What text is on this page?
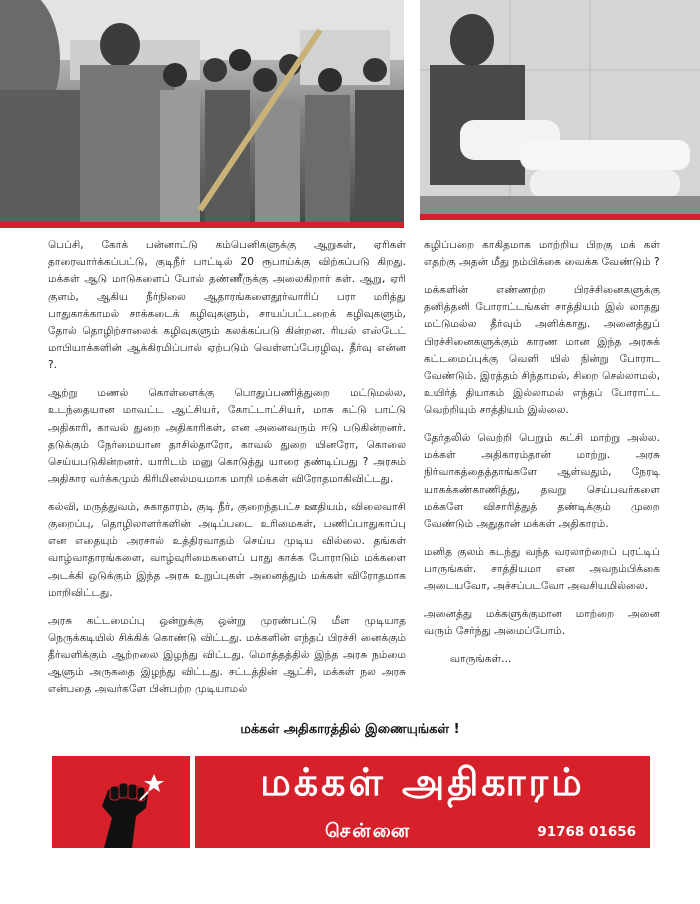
பெப்சி, கோக் பன்னாட்டு கம்பெனிகளுக்கு ஆறுகள், ஏரிகள் தாரைவார்க்கப்பட்டு, குடிநீர் பாட்டில் 20 ரூபாய்க்கு விற்கப்படு கிறது. மக்கள் ஆடு மாடுகளைப் போல் தண்ணீருக்கு அலைகிறார் கள். ஆறு, ஏரி குளம், ஆகிய நீர்நிலை ஆதாரங்களைதூர்வாரிப் பரா மரித்து பாதுகாக்காமல் சாக்கடைக் கழிவுகளும், சாயப்பட்டறைக் கழிவுகளும், தோல் தொழிற்சாலைக் கழிவுகளும் கலக்கப்படு கின்றன. ரியல் எஸ்டேட் மாபியாக்களின் ஆக்கிரமிப்பால் ஏற்படும் வெள்ளப்பேரழிவு. தீர்வு என்ன ?.

ஆற்று மணல் கொள்ளைக்கு பொதுப்பணித்துறை மட்டுமல்ல, உடந்தையான மாவட்ட ஆட்சியர், கோட்டாட்சியர், மாசு கட்டு பாட்டு அதிகாரி, காவல் துறை அதிகாரிகள், என அனைவரும் ஈடு படுகின்றனர். தடுக்கும் நேர்மையான தாசில்தாரோ, காவல் துறை யினரோ, கொலை செய்யபடுகின்றனர். யாரிடம் மனு கொடுத்து யாரை தண்டிப்பது ? அரசும் அதிகார வர்க்கமும் கிரிமினல்மயமாக மாறி மக்கள் விரோதமாகிவிட்டது.

கல்வி, மருத்துவம், சுகாதாரம், குடி நீர், குறைந்தபட்ச ஊதியம், விலைவாசி குறைப்பு, தொழிலாளர்களின் அடிப்படை உரிமைகள், பணிப்பாதுகாப்பு என எதையும் அரசால் உத்திரவாதம் செய்ய முடிய வில்லை. தங்கள் வாழ்வாதாரங்களை, வாழ்வுரிமைகளைப் பாது காக்க போராடும் மக்களை அடக்கி ஒடுக்கும் இந்த அரசு உறுப்புகள் அனைத்தும் மக்கள் விரோதமாக மாறிவிட்டது.

அரசு கட்டமைப்பு ஒன்றுக்கு ஒன்று முரண்பட்டு மீள முடியாத நெருக்கடியில் சிக்கிக் கொண்டு விட்டது. மக்களின் எந்தப் பிரச்சி னைக்கும் தீர்வளிக்கும் ஆற்றலை இழந்து விட்டது. மொத்தத்தில் இந்த அரசு நம்மை ஆளும் அருகதை இழந்து விட்டது. சட்டத்தின் ஆட்சி, மக்கள் நல அரசு என்பதை அவர்களே பின்பற்ற முடியாமல்

கழிப்பறை காகிதமாக மாற்றிய பிறகு மக் கள் எதற்கு அதன் மீது நம்பிக்கை வைக்க வேண்டும் ?

மக்களின் எண்ணற்ற பிரச்சினைகளுக்கு தனித்தனி போராட்டங்கள் சாத்தியம் இல் லாதது மட்டுமல்ல தீர்வும் அளிக்காது. அனைத்துப் பிரச்சினைகளுக்கும் காரண மான இந்த அரசுக் கட்டமைப்புக்கு வெளி யில் நின்று போராட வேண்டும். இரத்தம் சிந்தாமல், சிறை செல்லாமல், உயிர்த் தியாகம் இல்லாமல் எந்தப் போராட்ட வெற்றியும் சாத்தியம் இல்லை.

தேர்தலில் வெற்றி பெறும் கட்சி மாற்று அல்ல. மக்கள் அதிகாரம்தான் மாற்று. அரசு நிர்வாகத்தைத்தாங்களே ஆள்வதும், நேரடி யாகக்கண்காணித்து, தவறு செய்பவர்களை மக்களே விசாரித்துத் தண்டிக்கும் முறை வேண்டும் அதுதான் மக்கள் அதிகாரம்.

மனித குலம் கடந்து வந்த வரலாற்றைப் புரட்டிப் பாருங்கள். சாத்தியமா என அவநம்பிக்கை அடையவோ, அச்சப்படவோ அவசியமில்லை.

அனைத்து மக்களுக்குமான மாற்றை அனை வரும் சேர்ந்து அமைப்போம்.

வாருங்கள்...

மக்கள் அதிகாரத்தில் இணையுங்கள் !
மக்கள் அதிகாரம்
சென்னை	91768 01656
